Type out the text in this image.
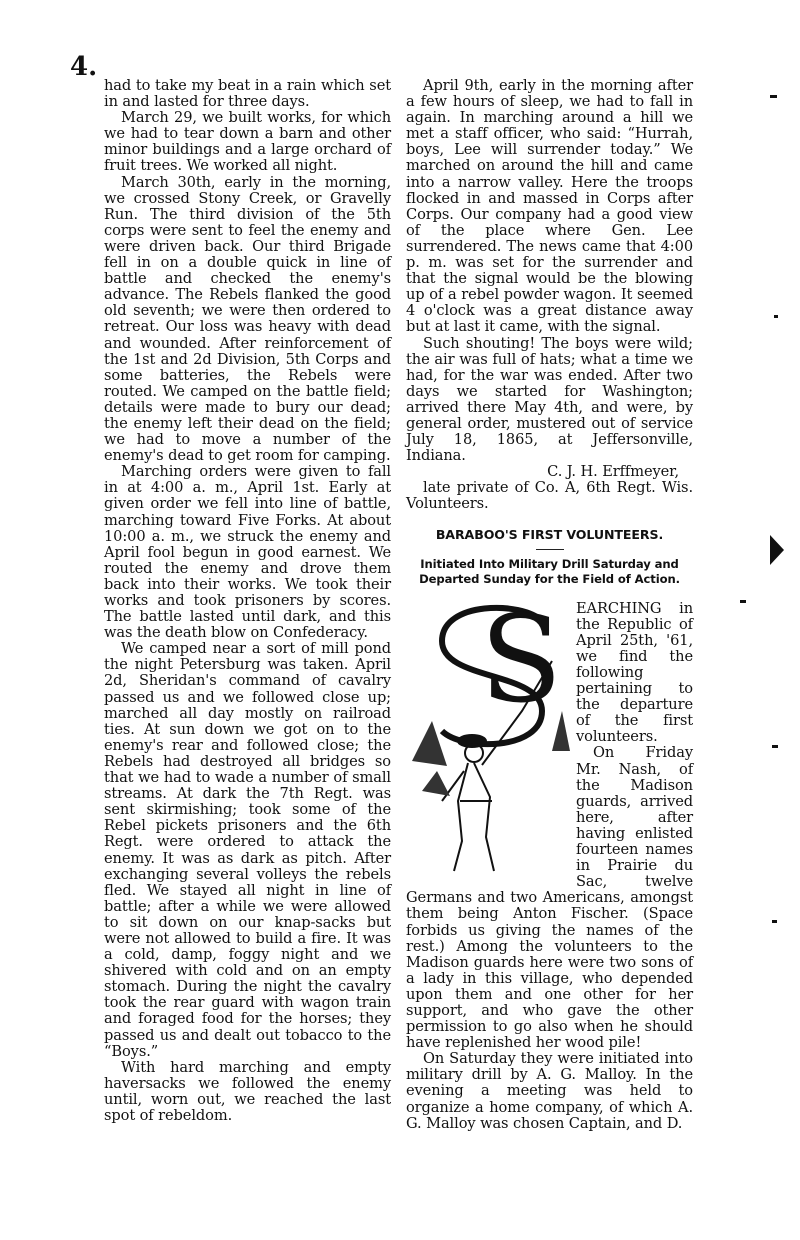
4.

had to take my beat in a rain which set in and lasted for three days.

March 29, we built works, for which we had to tear down a barn and other minor buildings and a large orchard of fruit trees. We worked all night.

March 30th, early in the morning, we crossed Stony Creek, or Gravelly Run. The third division of the 5th corps were sent to feel the enemy and were driven back. Our third Brigade fell in on a double quick in line of battle and checked the enemy's advance. The Rebels flanked the good old seventh; we were then ordered to retreat. Our loss was heavy with dead and wounded. After reinforcement of the 1st and 2d Division, 5th Corps and some batteries, the Rebels were routed. We camped on the battle field; details were made to bury our dead; the enemy left their dead on the field; we had to move a number of the enemy's dead to get room for camping.

Marching orders were given to fall in at 4:00 a. m., April 1st. Early at given order we fell into line of battle, marching toward Five Forks. At about 10:00 a. m., we struck the enemy and April fool begun in good earnest. We routed the enemy and drove them back into their works. We took their works and took prisoners by scores. The battle lasted until dark, and this was the death blow on Confederacy.

We camped near a sort of mill pond the night Petersburg was taken. April 2d, Sheridan's command of cavalry passed us and we followed close up; marched all day mostly on railroad ties. At sun down we got on to the enemy's rear and followed close; the Rebels had destroyed all bridges so that we had to wade a number of small streams. At dark the 7th Regt. was sent skirmishing; took some of the Rebel pickets prisoners and the 6th Regt. were ordered to attack the enemy. It was as dark as pitch. After exchanging several volleys the rebels fled. We stayed all night in line of battle; after a while we were allowed to sit down on our knap-sacks but were not allowed to build a fire. It was a cold, damp, foggy night and we shivered with cold and on an empty stomach. During the night the cavalry took the rear guard with wagon train and foraged food for the horses; they passed us and dealt out tobacco to the “Boys.”

With hard marching and empty haversacks we followed the enemy until, worn out, we reached the last spot of rebeldom.

April 9th, early in the morning after a few hours of sleep, we had to fall in again. In marching around a hill we met a staff officer, who said: “Hurrah, boys, Lee will surrender today.” We marched on around the hill and came into a narrow valley. Here the troops flocked in and massed in Corps after Corps. Our company had a good view of the place where Gen. Lee surrendered. The news came that 4:00 p. m. was set for the surrender and that the signal would be the blowing up of a rebel powder wagon. It seemed 4 o'clock was a great distance away but at last it came, with the signal.

Such shouting! The boys were wild; the air was full of hats; what a time we had, for the war was ended. After two days we started for Washington; arrived there May 4th, and were, by general order, mustered out of service July 18, 1865, at Jeffersonville, Indiana.

C. J. H. Erffmeyer,

late private of Co. A, 6th Regt. Wis. Volunteers.

BARABOO'S FIRST VOLUNTEERS.
Initiated Into Military Drill Saturday and Departed Sunday for the Field of Action.
S EARCHING in the Republic of April 25th, '61, we find the following pertaining to the departure of the first volunteers.

On Friday Mr. Nash, of the Madison guards, arrived here, after having enlisted fourteen names in Prairie du Sac, twelve Germans and two Americans, amongst them being Anton Fischer. (Space forbids us giving the names of the rest.) Among the volunteers to the Madison guards here were two sons of a lady in this village, who depended upon them and one other for her support, and who gave the other permission to go also when he should have replenished her wood pile!

On Saturday they were initiated into military drill by A. G. Malloy. In the evening a meeting was held to organize a home company, of which A. G. Malloy was chosen Captain, and D.
